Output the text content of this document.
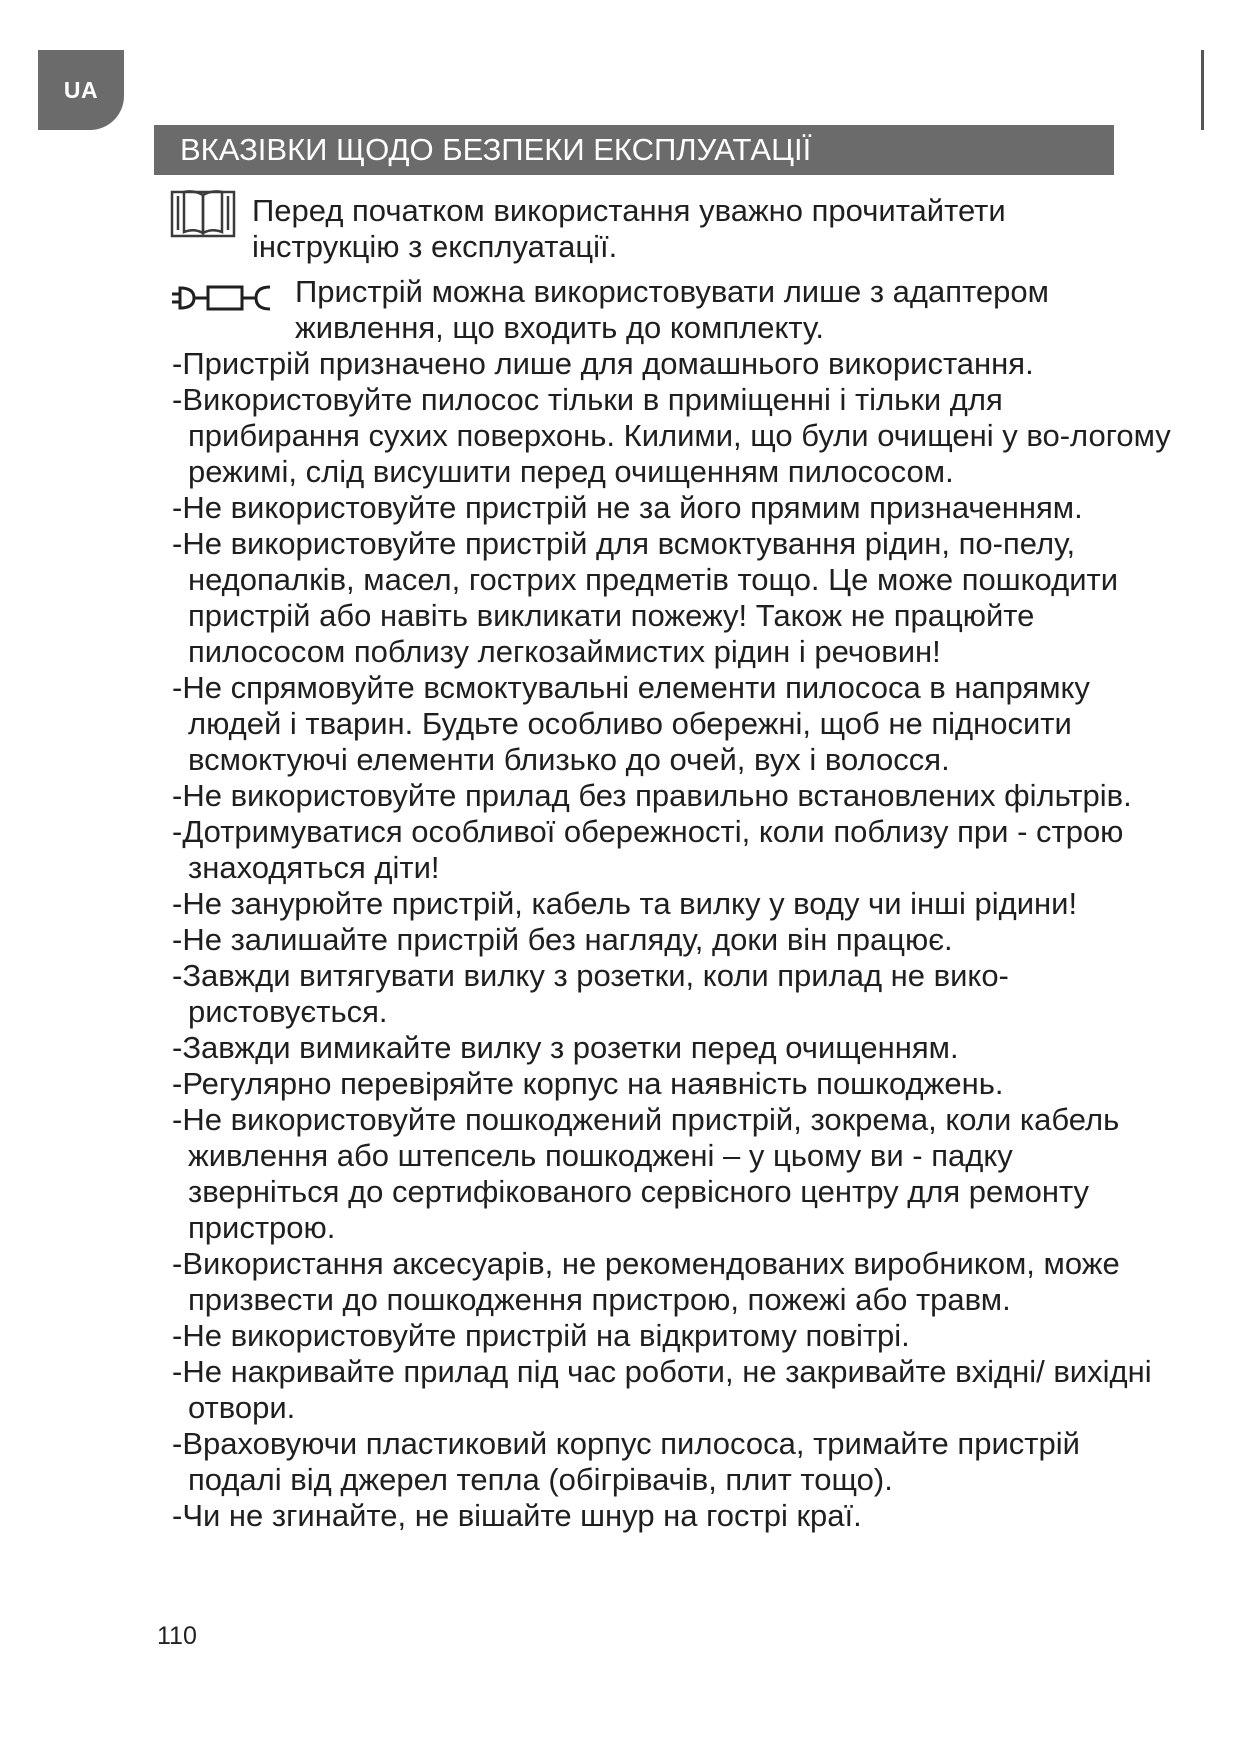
UA
ВКАЗІВКИ ЩОДО БЕЗПЕКИ ЕКСПЛУАТАЦІЇ
Перед початком використання уважно прочитайтети інструкцію з експлуатації.
Пристрій можна використовувати лише з адаптером живлення, що входить до комплекту.
-Пристрій призначено лише для домашнього використання.
-Використовуйте пилосос тільки в приміщенні і тільки для прибирання сухих поверхонь. Килими, що були очищені у во-логому режимі, слід висушити перед очищенням пилососом.
-Не використовуйте пристрій не за його прямим призначенням.
-Не використовуйте пристрій для всмоктування рідин, по-пелу, недопалків, масел, гострих предметів тощо. Це може пошкодити пристрій або навіть викликати пожежу! Також не працюйте пилососом поблизу легкозаймистих рідин і речовин!
-Не спрямовуйте всмоктувальні елементи пилососа в напрямку людей і тварин. Будьте особливо обережні, щоб не підносити всмоктуючі елементи близько до очей, вух і волосся.
-Не використовуйте прилад без правильно встановлених фільтрів.
-Дотримуватися особливої обережності, коли поблизу при - строю знаходяться діти!
-Не занурюйте пристрій, кабель та вилку у воду чи інші рідини!
-Не залишайте пристрій без нагляду, доки він працює.
-Завжди витягувати вилку з розетки, коли прилад не вико-ристовується.
-Завжди вимикайте вилку з розетки перед очищенням.
-Регулярно перевіряйте корпус на наявність пошкоджень.
-Не використовуйте пошкоджений пристрій, зокрема, коли кабель живлення або штепсель пошкоджені – у цьому ви - падку зверніться до сертифікованого сервісного центру для ремонту пристрою.
-Використання аксесуарів, не рекомендованих виробником, може призвести до пошкодження пристрою, пожежі або травм.
-Не використовуйте пристрій на відкритому повітрі.
-Не накривайте прилад під час роботи, не закривайте вхідні/ вихідні отвори.
-Враховуючи пластиковий корпус пилососа, тримайте пристрій подалі від джерел тепла (обігрівачів, плит тощо).
-Чи не згинайте, не вішайте шнур на гострі краї.
110
